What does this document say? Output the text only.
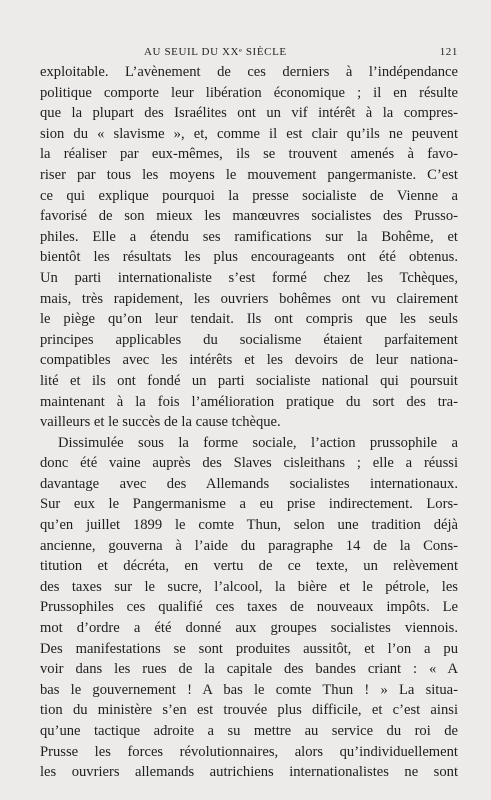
AU SEUIL DU XXᵉ SIÈCLE	121
exploitable. L’avènement de ces derniers à l’indépendance
politique comporte leur libération économique ; il en résulte
que la plupart des Israélites ont un vif intérêt à la compres-
sion du « slavisme », et, comme il est clair qu’ils ne peuvent
la réaliser par eux-mêmes, ils se trouvent amenés à favo-
riser par tous les moyens le mouvement pangermaniste. C’est
ce qui explique pourquoi la presse socialiste de Vienne a
favorisé de son mieux les manœuvres socialistes des Prusso-
philes. Elle a étendu ses ramifications sur la Bohême, et
bientôt les résultats les plus encourageants ont été obtenus.
Un parti internationaliste s’est formé chez les Tchèques,
mais, très rapidement, les ouvriers bohêmes ont vu clairement
le piège qu’on leur tendait. Ils ont compris que les seuls
principes applicables du socialisme étaient parfaitement
compatibles avec les intérêts et les devoirs de leur nationa-
lité et ils ont fondé un parti socialiste national qui poursuit
maintenant à la fois l’amélioration pratique du sort des tra-
vailleurs et le succès de la cause tchèque.
Dissimulée sous la forme sociale, l’action prussophile a
donc été vaine auprès des Slaves cisleithans ; elle a réussi
davantage avec des Allemands socialistes internationaux.
Sur eux le Pangermanisme a eu prise indirectement. Lors-
qu’en juillet 1899 le comte Thun, selon une tradition déjà
ancienne, gouverna à l’aide du paragraphe 14 de la Cons-
titution et décréta, en vertu de ce texte, un relèvement
des taxes sur le sucre, l’alcool, la bière et le pétrole, les
Prussophiles ces qualifié ces taxes de nouveaux impôts. Le
mot d’ordre a été donné aux groupes socialistes viennois.
Des manifestations se sont produites aussitôt, et l’on a pu
voir dans les rues de la capitale des bandes criant : « A
bas le gouvernement ! A bas le comte Thun ! » La situa-
tion du ministère s’en est trouvée plus difficile, et c’est ainsi
qu’une tactique adroite a su mettre au service du roi de
Prusse les forces révolutionnaires, alors qu’individuellement
les ouvriers allemands autrichiens internationalistes ne sont
